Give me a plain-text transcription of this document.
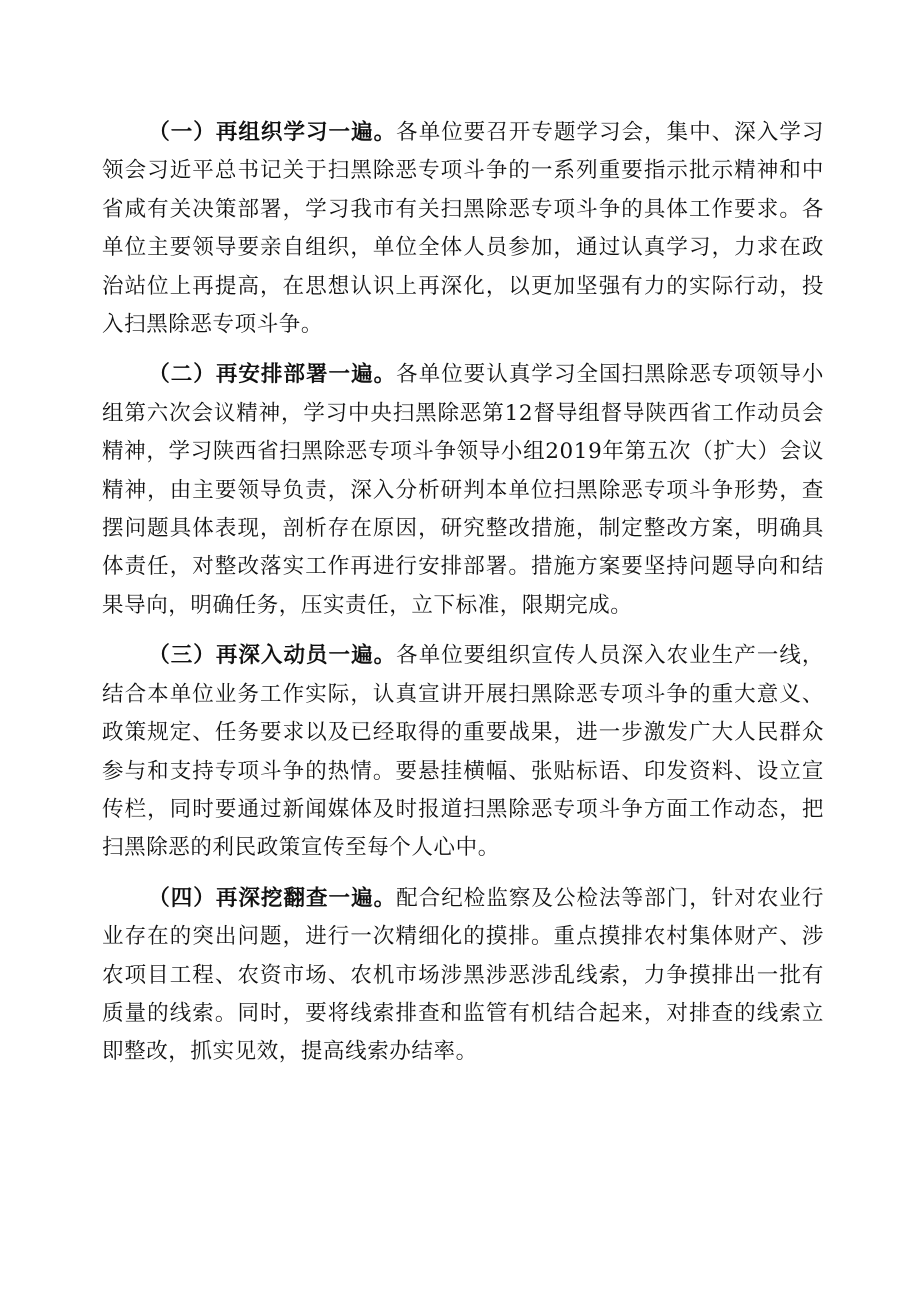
（一）再组织学习一遍。各单位要召开专题学习会，集中、深入学习领会习近平总书记关于扫黑除恶专项斗争的一系列重要指示批示精神和中省咸有关决策部署，学习我市有关扫黑除恶专项斗争的具体工作要求。各单位主要领导要亲自组织，单位全体人员参加，通过认真学习，力求在政治站位上再提高，在思想认识上再深化，以更加坚强有力的实际行动，投入扫黑除恶专项斗争。

（二）再安排部署一遍。各单位要认真学习全国扫黑除恶专项领导小组第六次会议精神，学习中央扫黑除恶第12督导组督导陕西省工作动员会精神，学习陕西省扫黑除恶专项斗争领导小组2019年第五次（扩大）会议精神，由主要领导负责，深入分析研判本单位扫黑除恶专项斗争形势，查摆问题具体表现，剖析存在原因，研究整改措施，制定整改方案，明确具体责任，对整改落实工作再进行安排部署。措施方案要坚持问题导向和结果导向，明确任务，压实责任，立下标准，限期完成。

（三）再深入动员一遍。各单位要组织宣传人员深入农业生产一线，结合本单位业务工作实际，认真宣讲开展扫黑除恶专项斗争的重大意义、政策规定、任务要求以及已经取得的重要战果，进一步激发广大人民群众参与和支持专项斗争的热情。要悬挂横幅、张贴标语、印发资料、设立宣传栏，同时要通过新闻媒体及时报道扫黑除恶专项斗争方面工作动态，把扫黑除恶的利民政策宣传至每个人心中。

（四）再深挖翻查一遍。配合纪检监察及公检法等部门，针对农业行业存在的突出问题，进行一次精细化的摸排。重点摸排农村集体财产、涉农项目工程、农资市场、农机市场涉黑涉恶涉乱线索，力争摸排出一批有质量的线索。同时，要将线索排查和监管有机结合起来，对排查的线索立即整改，抓实见效，提高线索办结率。
